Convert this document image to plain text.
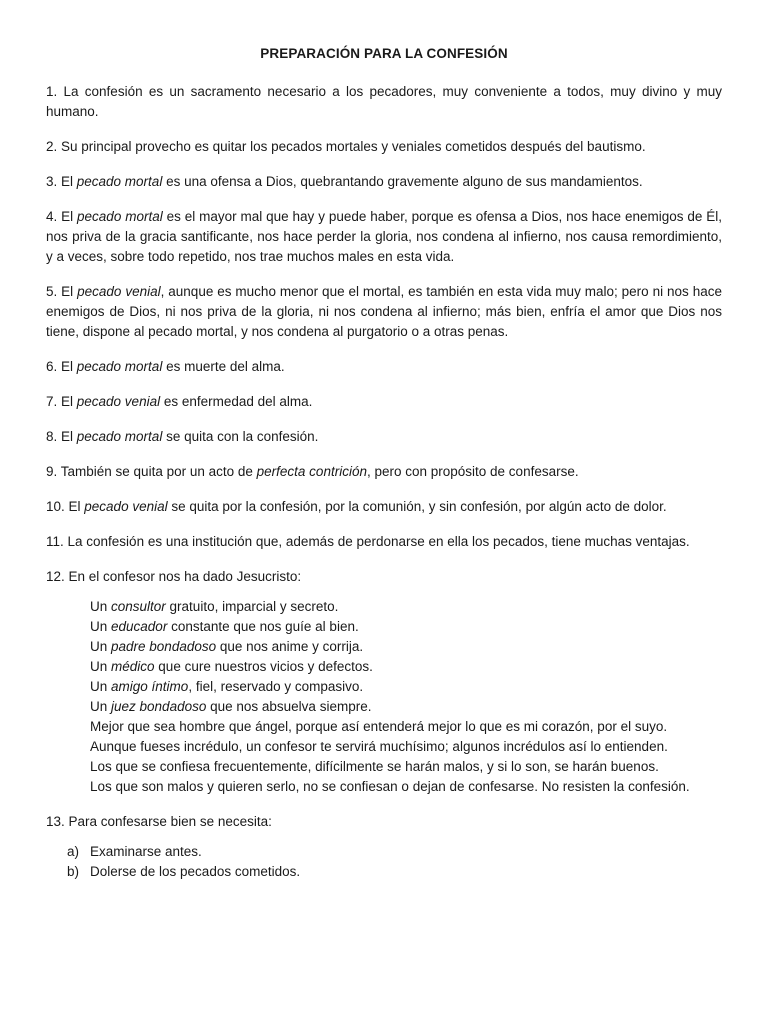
PREPARACIÓN PARA LA CONFESIÓN
1. La confesión es un sacramento necesario a los pecadores, muy conveniente a todos, muy divino y muy humano.
2. Su principal provecho es quitar los pecados mortales y veniales cometidos después del bautismo.
3. El pecado mortal es una ofensa a Dios, quebrantando gravemente alguno de sus mandamientos.
4. El pecado mortal es el mayor mal que hay y puede haber, porque es ofensa a Dios, nos hace enemigos de Él, nos priva de la gracia santificante, nos hace perder la gloria, nos condena al infierno, nos causa remordimiento, y a veces, sobre todo repetido, nos trae muchos males en esta vida.
5. El pecado venial, aunque es mucho menor que el mortal, es también en esta vida muy malo; pero ni nos hace enemigos de Dios, ni nos priva de la gloria, ni nos condena al infierno; más bien, enfría el amor que Dios nos tiene, dispone al pecado mortal, y nos condena al purgatorio o a otras penas.
6. El pecado mortal es muerte del alma.
7. El pecado venial es enfermedad del alma.
8. El pecado mortal se quita con la confesión.
9. También se quita por un acto de perfecta contrición, pero con propósito de confesarse.
10. El pecado venial se quita por la confesión, por la comunión, y sin confesión, por algún acto de dolor.
11. La confesión es una institución que, además de perdonarse en ella los pecados, tiene muchas ventajas.
12. En el confesor nos ha dado Jesucristo:
Un consultor gratuito, imparcial y secreto.
Un educador constante que nos guíe al bien.
Un padre bondadoso que nos anime y corrija.
Un médico que cure nuestros vicios y defectos.
Un amigo íntimo, fiel, reservado y compasivo.
Un juez bondadoso que nos absuelva siempre.
Mejor que sea hombre que ángel, porque así entenderá mejor lo que es mi corazón, por el suyo.
Aunque fueses incrédulo, un confesor te servirá muchísimo; algunos incrédulos así lo entienden.
Los que se confiesa frecuentemente, difícilmente se harán malos, y si lo son, se harán buenos.
Los que son malos y quieren serlo, no se confiesan o dejan de confesarse. No resisten la confesión.
13. Para confesarse bien se necesita:
a) Examinarse antes.
b) Dolerse de los pecados cometidos.
